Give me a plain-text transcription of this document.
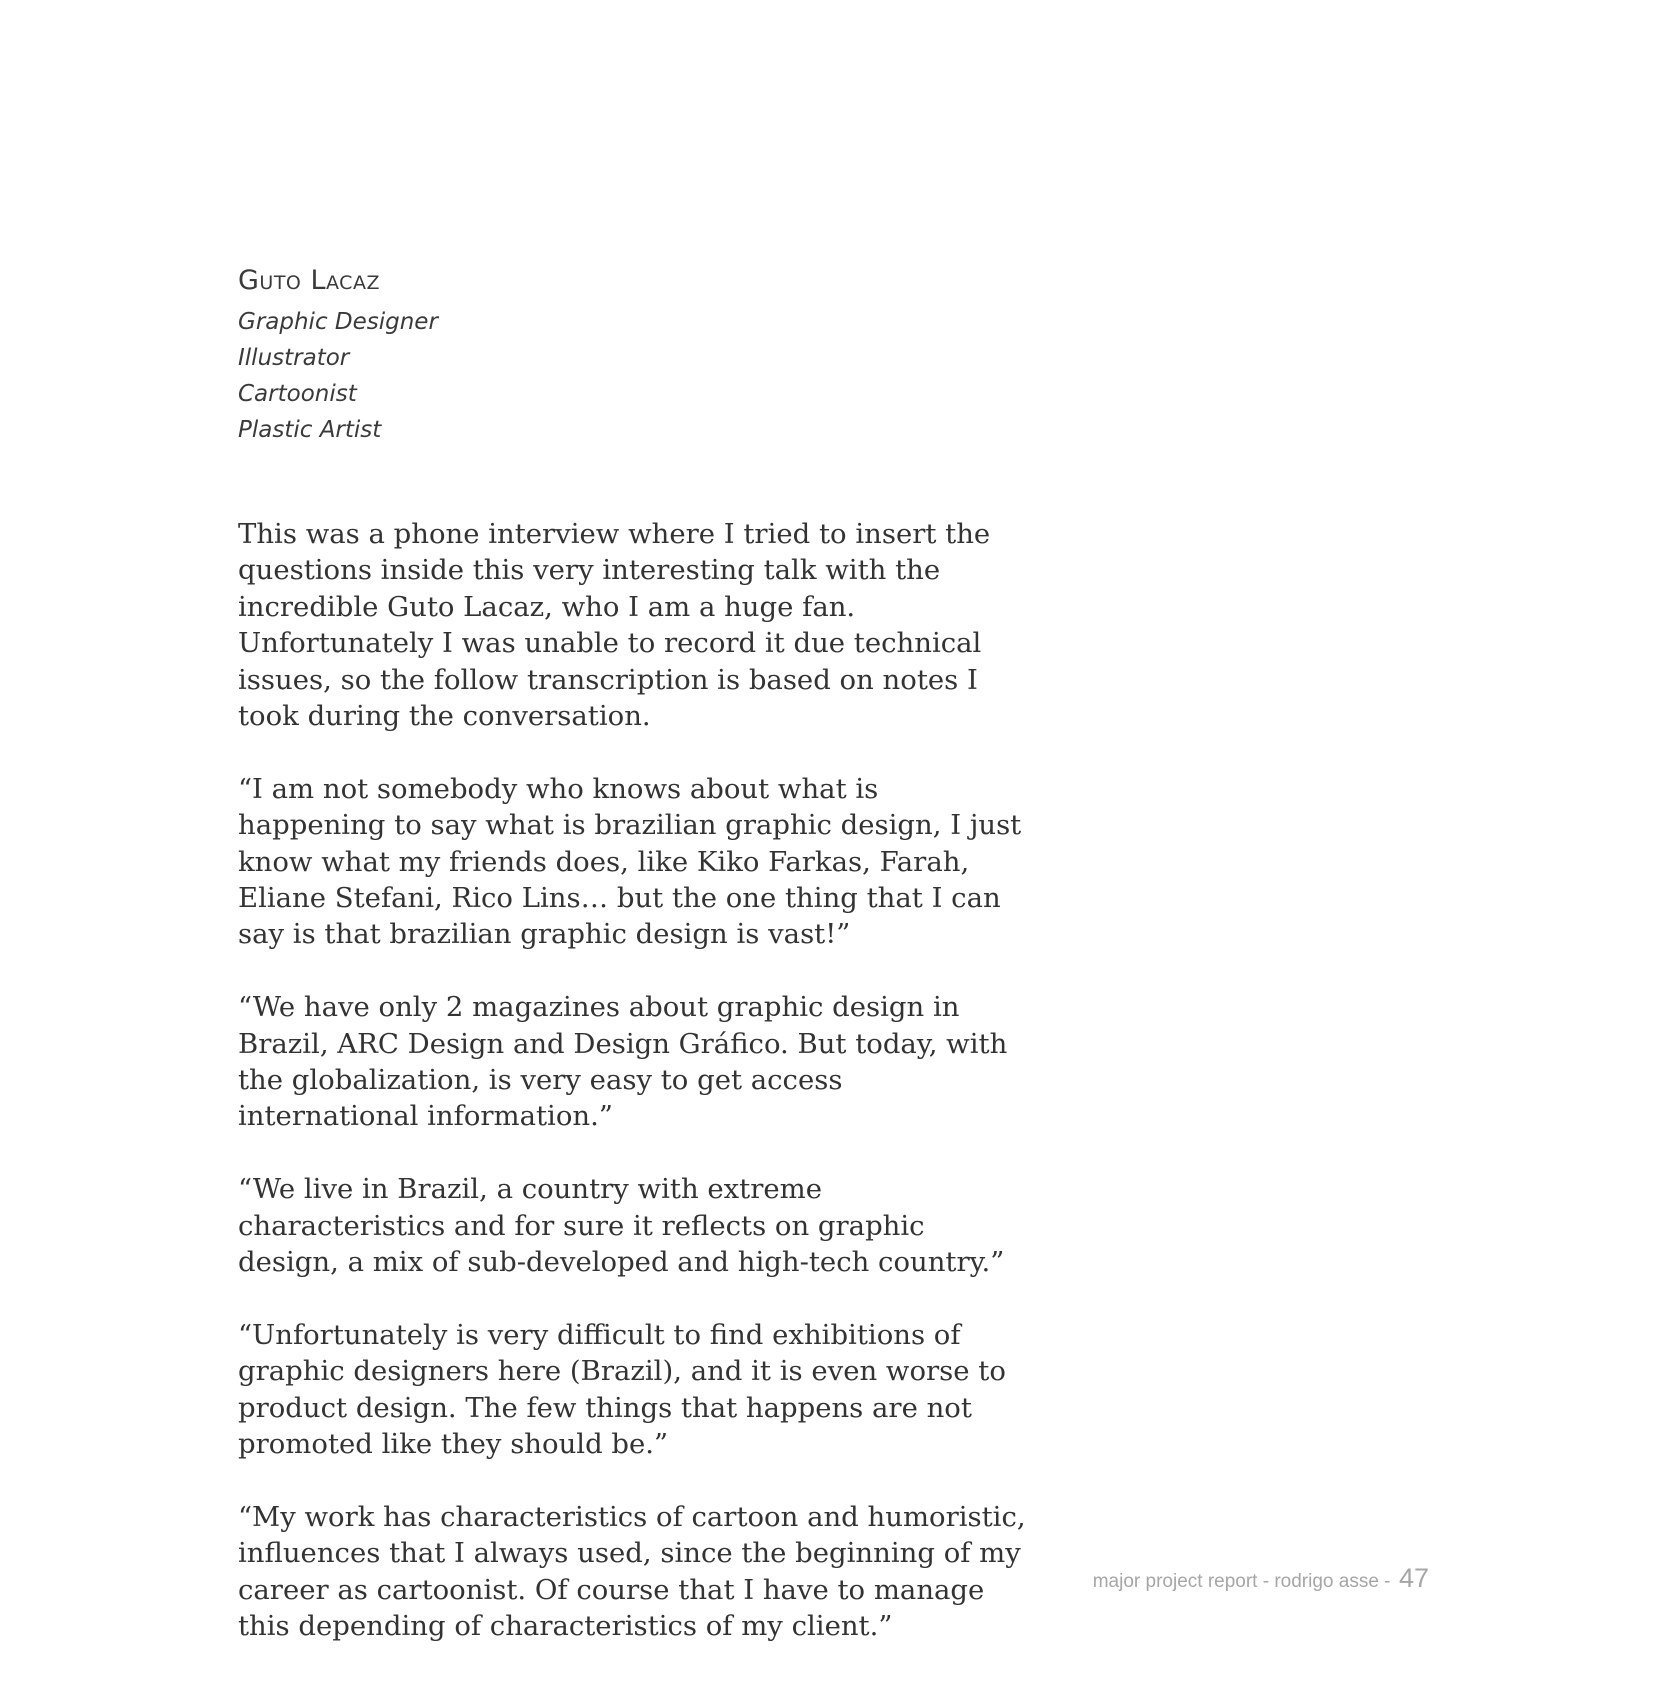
Guto Lacaz
Graphic Designer
Illustrator
Cartoonist
Plastic Artist

This was a phone interview where I tried to insert the questions inside this very interesting talk with the incredible Guto Lacaz, who I am a huge fan. Unfortunately I was unable to record it due technical issues, so the follow transcription is based on notes I took during the conversation.

“I am not somebody who knows about what is happening to say what is brazilian graphic design, I just know what my friends does, like Kiko Farkas, Farah, Eliane Stefani, Rico Lins… but the one thing that I can say is that brazilian graphic design is vast!”

“We have only 2 magazines about graphic design in Brazil, ARC Design and Design Gráfico. But today, with the globalization, is very easy to get access international information.”

“We live in Brazil, a country with extreme characteristics and for sure it reflects on graphic design, a mix of sub-developed and high-tech country.”

“Unfortunately is very difficult to find exhibitions of graphic designers here (Brazil), and it is even worse to product design. The few things that happens are not promoted like they should be.”

“My work has characteristics of cartoon and humoristic, influences that I always used, since the beginning of my career as cartoonist. Of course that I have to manage this depending of characteristics of my client.”

major project report - rodrigo asse - 47
